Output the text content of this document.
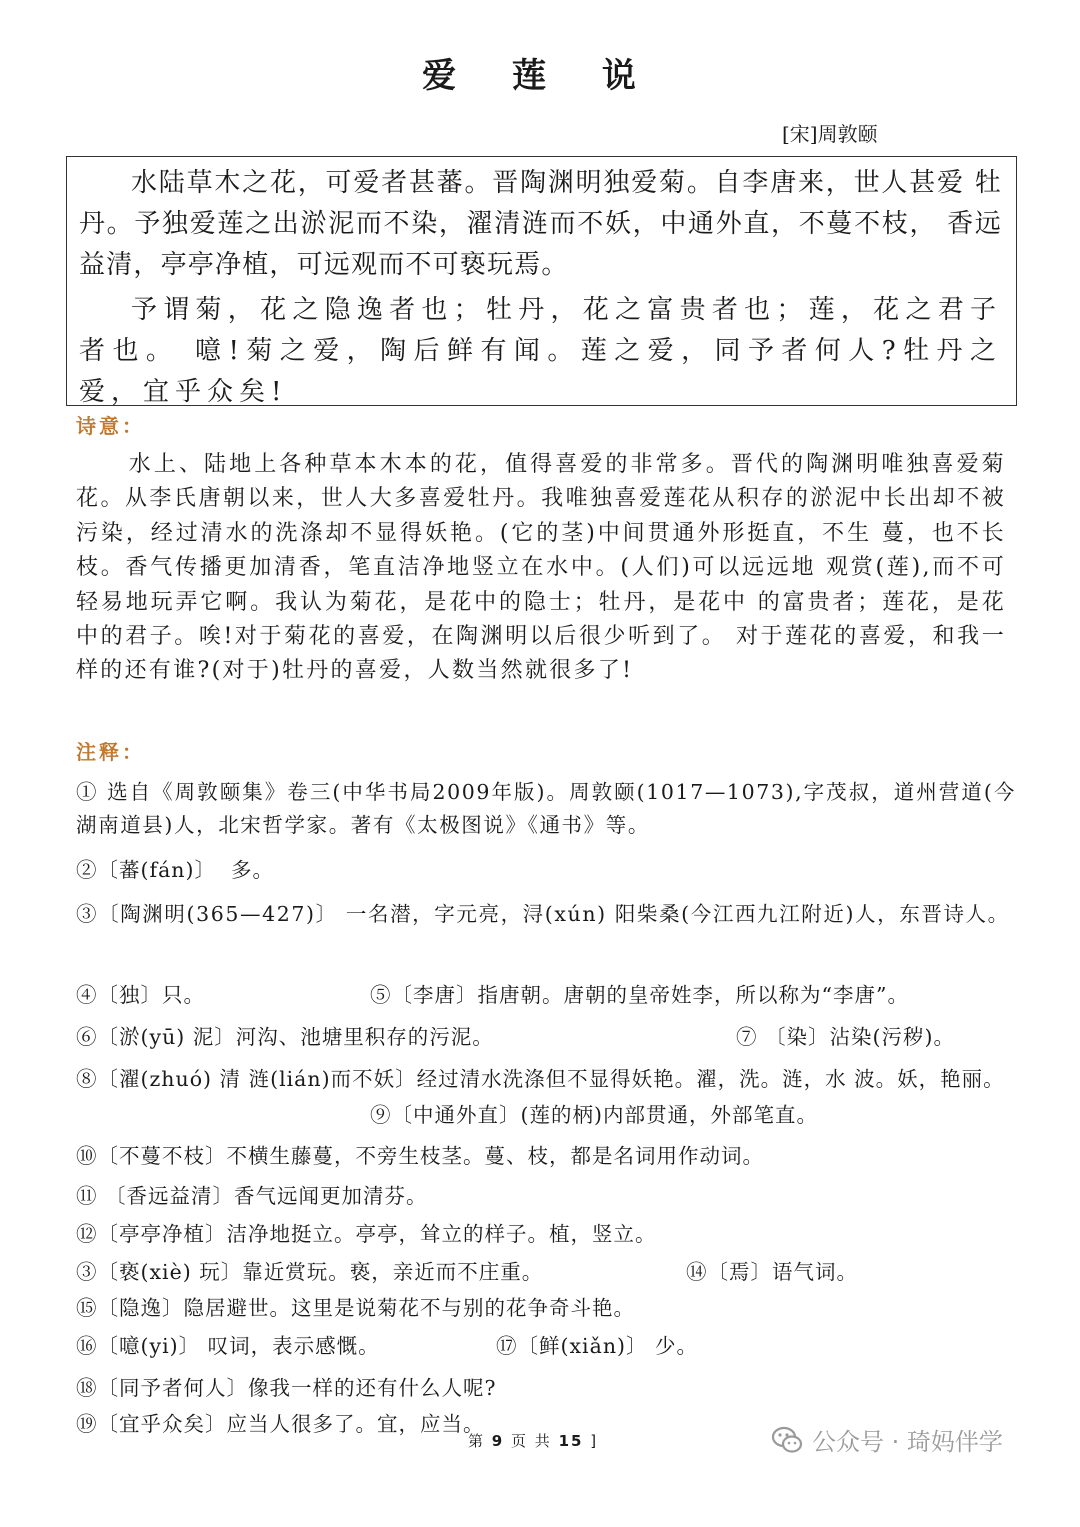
爱 莲 说
[宋]周敦颐

水陆草木之花，可爱者甚蕃。晋陶渊明独爱菊。自李唐来，世人甚爱 牡丹。予独爱莲之出淤泥而不染，濯清涟而不妖，中通外直，不蔓不枝， 香远益清，亭亭净植，可远观而不可亵玩焉。

予谓菊，花之隐逸者也；牡丹，花之富贵者也；莲，花之君子者也。 噫!菊之爱，陶后鲜有闻。莲之爱，同予者何人?牡丹之爱，宜乎众矣!

诗意：

水上、陆地上各种草本木本的花，值得喜爱的非常多。晋代的陶渊明唯独喜爱菊花。从李氏唐朝以来，世人大多喜爱牡丹。我唯独喜爱莲花从积存的淤泥中长出却不被污染，经过清水的洗涤却不显得妖艳。(它的茎)中间贯通外形挺直，不生 蔓，也不长枝。香气传播更加清香，笔直洁净地竖立在水中。(人们)可以远远地 观赏(莲),而不可轻易地玩弄它啊。我认为菊花，是花中的隐士；牡丹，是花中 的富贵者；莲花，是花中的君子。唉!对于菊花的喜爱，在陶渊明以后很少听到了。 对于莲花的喜爱，和我一样的还有谁?(对于)牡丹的喜爱，人数当然就很多了!

注释：
① 选自《周敦颐集》卷三(中华书局2009年版)。周敦颐(1017—1073),字茂叔，道州营道(今湖南道县)人，北宋哲学家。著有《太极图说》《通书》等。
②〔蕃(fán)〕  多。
③〔陶渊明(365—427)〕 一名潜，字元亮，浔(xún) 阳柴桑(今江西九江附近)人，东晋诗人。
④〔独〕只。	⑤〔李唐〕指唐朝。唐朝的皇帝姓李，所以称为“李唐”。
⑥〔淤(yū) 泥〕河沟、池塘里积存的污泥。	⑦ 〔染〕沾染(污秽)。
⑧〔濯(zhuó) 清 涟(lián)而不妖〕经过清水洗涤但不显得妖艳。濯，洗。涟，水 波。妖，艳丽。
⑨〔中通外直〕(莲的柄)内部贯通，外部笔直。
⑩〔不蔓不枝〕不横生藤蔓，不旁生枝茎。蔓、枝，都是名词用作动词。
⑪ 〔香远益清〕香气远闻更加清芬。
⑫〔亭亭净植〕洁净地挺立。亭亭，耸立的样子。植，竖立。
③〔亵(xiè) 玩〕靠近赏玩。亵，亲近而不庄重。	⑭〔焉〕语气词。
⑮〔隐逸〕隐居避世。这里是说菊花不与别的花争奇斗艳。
⑯〔噫(yi)〕 叹词，表示感慨。	⑰〔鲜(xiǎn)〕 少。
⑱〔同予者何人〕像我一样的还有什么人呢?
⑲〔宜乎众矣〕应当人很多了。宜，应当。
第 9 页 共 15 ]	公众号 · 琦妈伴学
